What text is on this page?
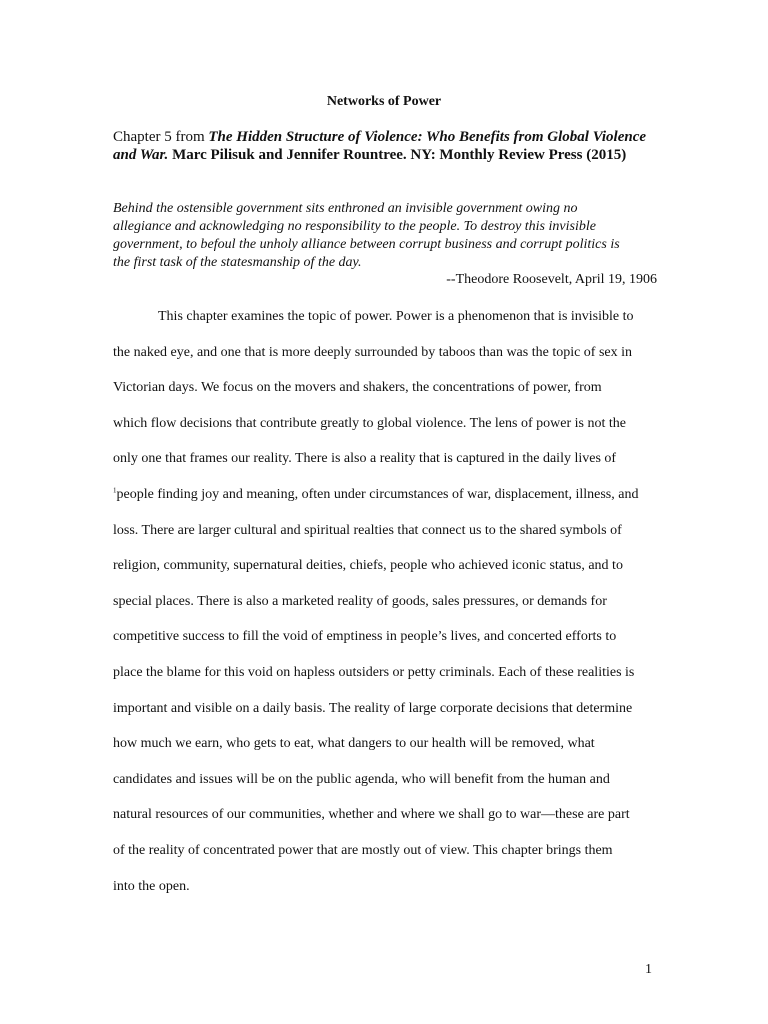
Networks of Power
Chapter 5 from The Hidden Structure of Violence: Who Benefits from Global Violence and War. Marc Pilisuk and Jennifer Rountree. NY: Monthly Review Press (2015)
Behind the ostensible government sits enthroned an invisible government owing no
allegiance and acknowledging no responsibility to the people. To destroy this invisible
government, to befoul the unholy alliance between corrupt business and corrupt politics is
the first task of the statesmanship of the day.
--Theodore Roosevelt, April 19, 1906
This chapter examines the topic of power. Power is a phenomenon that is invisible to
the naked eye, and one that is more deeply surrounded by taboos than was the topic of sex in
Victorian days. We focus on the movers and shakers, the concentrations of power, from
which flow decisions that contribute greatly to global violence. The lens of power is not the
only one that frames our reality. There is also a reality that is captured in the daily lives of
$^1$people finding joy and meaning, often under circumstances of war, displacement, illness, and
loss. There are larger cultural and spiritual realties that connect us to the shared symbols of
religion, community, supernatural deities, chiefs, people who achieved iconic status, and to
special places. There is also a marketed reality of goods, sales pressures, or demands for
competitive success to fill the void of emptiness in people’s lives, and concerted efforts to
place the blame for this void on hapless outsiders or petty criminals. Each of these realities is
important and visible on a daily basis. The reality of large corporate decisions that determine
how much we earn, who gets to eat, what dangers to our health will be removed, what
candidates and issues will be on the public agenda, who will benefit from the human and
natural resources of our communities, whether and where we shall go to war—these are part
of the reality of concentrated power that are mostly out of view. This chapter brings them
into the open.
1
